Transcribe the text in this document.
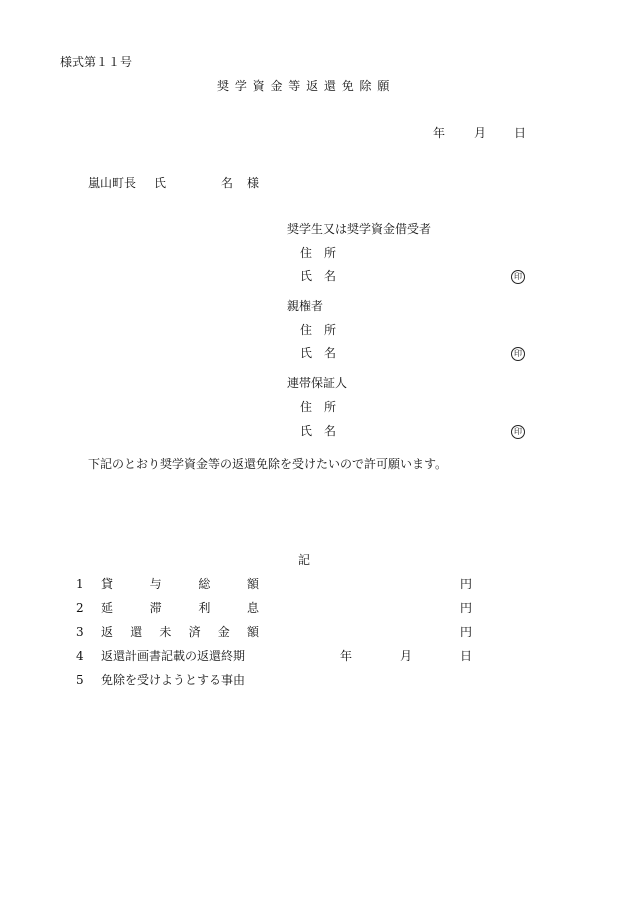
様式第１１号
奨 学 資 金 等 返 還 免 除 願
年 月 日
嵐山町長 氏	名 様
奨学生又は奨学資金借受者
住　所
氏　名	印
親権者
住　所
氏　名	印
連帯保証人
住　所
氏　名	印
下記のとおり奨学資金等の返還免除を受けたいので許可願います。
記
1 貸	与	総	額	円
2 延	滞	利	息	円
3 返 還 未 済 金 額	円
4 返還計画書記載の返還終期	年	月	日
5 免除を受けようとする事由
